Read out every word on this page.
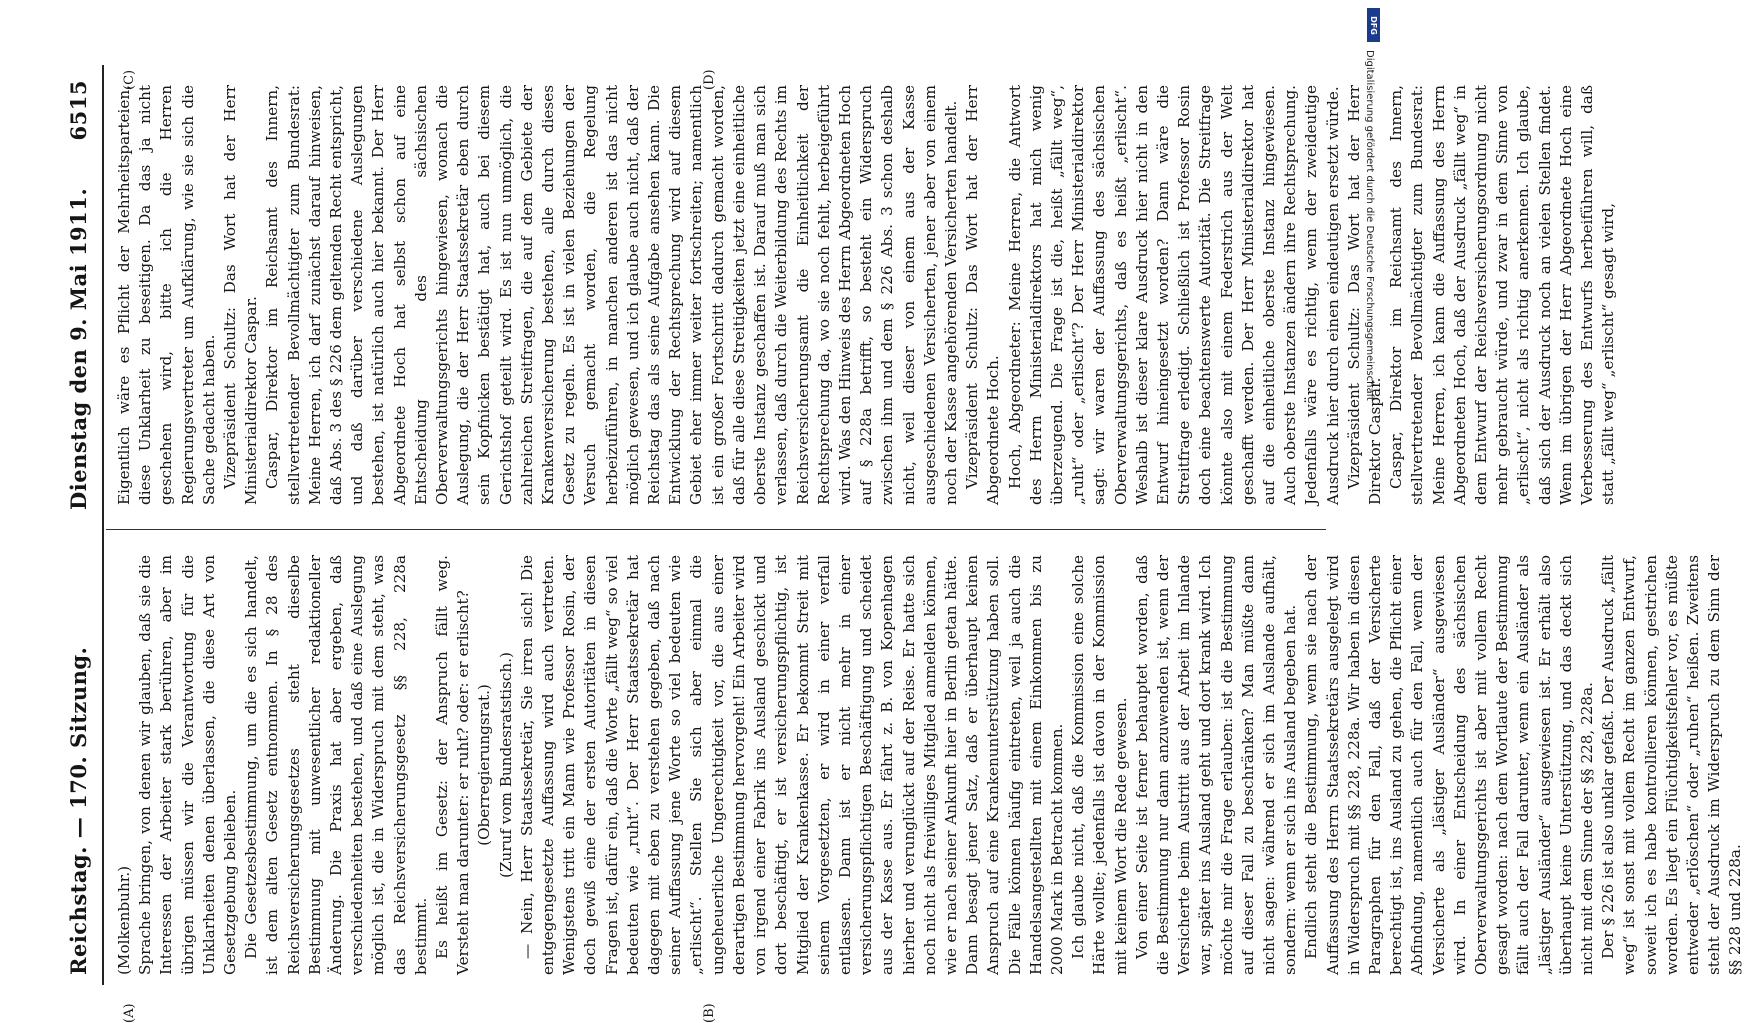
Reichstag. — 170. Sitzung.
Dienstag den 9. Mai 1911.
6515

(Molkenbuhr.) Sprache bringen, von denen wir glauben, daß sie die Interessen der Arbeiter stark berühren, aber im übrigen müssen wir die Verantwortung für die Unklarheiten denen überlassen, die diese Art von Gesetzgebung belieben. Die Gesetzesbestimmung, um die es sich handelt, ist dem alten Gesetz entnommen. In § 28 des Reichsversicherungsgesetzes steht dieselbe Bestimmung mit unwesentlicher redaktioneller Änderung. Die Praxis hat aber ergeben, daß verschiedenheiten bestehen, und daß eine Auslegung möglich ist, die in Widerspruch mit dem steht, was das Reichsversicherungsgesetz §§ 228, 228a bestimmt. Es heißt im Gesetz: der Anspruch fällt weg. Versteht man darunter: er ruht? oder: er erlischt? (Oberregierungsrat.) (Zuruf vom Bundesratstisch.) — Nein, Herr Staatssekretär, Sie irren sich! Die entgegengesetzte Auffassung wird auch vertreten. Wenigstens tritt ein Mann wie Professor Rosin, der doch gewiß eine der ersten Autoritäten in diesen Fragen ist, dafür ein, daß die Worte „fällt weg“ so viel bedeuten wie „ruht“. Der Herr Staatssekretär hat dagegen mit eben zu verstehen gegeben, daß nach seiner Auffassung jene Worte so viel bedeuten wie „erlischt“. Stellen Sie sich aber einmal die ungeheuerliche Ungerechtigkeit vor, die aus einer derartigen Bestimmung hervorgeht! Ein Arbeiter wird von irgend einer Fabrik ins Ausland geschickt und dort beschäftigt, er ist versicherungspflichtig, ist Mitglied der Krankenkasse. Er bekommt Streit mit seinem Vorgesetzten, er wird in einer verfall entlassen. Dann ist er nicht mehr in einer versicherungspflichtigen Beschäftigung und scheidet aus der Kasse aus. Er fährt z. B. von Kopenhagen hierher und verunglückt auf der Reise. Er hatte sich noch nicht als freiwilliges Mitglied anmelden können, wie er nach seiner Ankunft hier in Berlin getan hätte. Dann besagt jener Satz, daß er überhaupt keinen Anspruch auf eine Krankenunterstützung haben soll. Die Fälle können häufig eintreten, weil ja auch die Handelsangestellten mit einem Einkommen bis zu 2000 Mark in Betracht kommen. Ich glaube nicht, daß die Kommission eine solche Härte wollte; jedenfalls ist davon in der Kommission mit keinem Wort die Rede gewesen. Von einer Seite ist ferner behauptet worden, daß die Bestimmung nur dann anzuwenden ist, wenn der Versicherte beim Austritt aus der Arbeit im Inlande war, später ins Ausland geht und dort krank wird. Ich möchte mir die Frage erlauben: ist die Bestimmung auf dieser Fall zu beschränken? Man müßte dann nicht sagen: während er sich im Auslande aufhält, sondern: wenn er sich ins Ausland begeben hat. Endlich steht die Bestimmung, wenn sie nach der Auffassung des Herrn Staatssekretärs ausgelegt wird in Widerspruch mit §§ 228, 228a. Wir haben in diesen Paragraphen für den Fall, daß der Versicherte berechtigt ist, ins Ausland zu gehen, die Pflicht einer Abfindung, namentlich auch für den Fall, wenn der Versicherte als „lästiger Ausländer“ ausgewiesen wird. In einer Entscheidung des sächsischen Oberverwaltungsgerichts ist aber mit vollem Recht gesagt worden: nach dem Wortlaute der Bestimmung fällt auch der Fall darunter, wenn ein Ausländer als „lästiger Ausländer“ ausgewiesen ist. Er erhält also überhaupt keine Unterstützung, und das deckt sich nicht mit dem Sinne der §§ 228, 228a. Der § 226 ist also unklar gefaßt. Der Ausdruck „fällt weg“ ist sonst mit vollem Recht im ganzen Entwurf, soweit ich es habe kontrollieren können, gestrichen worden. Es liegt ein Flüchtigkeitsfehler vor, es müßte entweder „erlöschen“ oder „ruhen“ heißen. Zweitens steht der Ausdruck im Widerspruch zu dem Sinn der §§ 228 und 228a.

Eigentlich wäre es Pflicht der Mehrheitsparteien, diese Unklarheit zu beseitigen. Da das ja nicht geschehen wird, bitte ich die Herren Regierungsvertreter um Aufklärung, wie sie sich die Sache gedacht haben. Vizepräsident Schultz: Das Wort hat der Herr Ministerialdirektor Caspar. Caspar, Direktor im Reichsamt des Innern, stellvertretender Bevollmächtigter zum Bundesrat: Meine Herren, ich darf zunächst darauf hinweisen, daß Abs. 3 des § 226 dem geltenden Recht entspricht, und daß darüber verschiedene Auslegungen bestehen, ist natürlich auch hier bekannt. Der Herr Abgeordnete Hoch hat selbst schon auf eine Entscheidung des sächsischen Oberverwaltungsgerichts hingewiesen, wonach die Auslegung, die der Herr Staatssekretär eben durch sein Kopfnicken bestätigt hat, auch bei diesem Gerichtshof geteilt wird. Es ist nun unmöglich, die zahlreichen Streitfragen, die auf dem Gebiete der Krankenversicherung bestehen, alle durch dieses Gesetz zu regeln. Es ist in vielen Beziehungen der Versuch gemacht worden, die Regelung herbeizuführen, in manchen anderen ist das nicht möglich gewesen, und ich glaube auch nicht, daß der Reichstag das als seine Aufgabe ansehen kann. Die Entwicklung der Rechtsprechung wird auf diesem Gebiet eher immer weiter fortschreiten; namentlich ist ein großer Fortschritt dadurch gemacht worden, daß für alle diese Streitigkeiten jetzt eine einheitliche oberste Instanz geschaffen ist. Darauf muß man sich verlassen, daß durch die Weiterbildung des Rechts im Reichsversicherungsamt die Einheitlichkeit der Rechtsprechung da, wo sie noch fehlt, herbeigeführt wird. Was den Hinweis des Herrn Abgeordneten Hoch auf § 228a betrifft, so besteht ein Widerspruch zwischen ihm und dem § 226 Abs. 3 schon deshalb nicht, weil dieser von einem aus der Kasse ausgeschiedenen Versicherten, jener aber von einem noch der Kasse angehörenden Versicherten handelt. Vizepräsident Schultz: Das Wort hat der Herr Abgeordnete Hoch. Hoch, Abgeordneter: Meine Herren, die Antwort des Herrn Ministerialdirektors hat mich wenig überzeugend. Die Frage ist die, heißt „fällt weg“, „ruht“ oder „erlischt“? Der Herr Ministerialdirektor sagt: wir waren der Auffassung des sächsischen Oberverwaltungsgerichts, daß es heißt „erlischt“. Weshalb ist dieser klare Ausdruck hier nicht in den Entwurf hineingesetzt worden? Dann wäre die Streitfrage erledigt. Schließlich ist Professor Rosin doch eine beachtenswerte Autorität. Die Streitfrage könnte also mit einem Federstrich aus der Welt geschafft werden. Der Herr Ministerialdirektor hat auf die einheitliche oberste Instanz hingewiesen. Auch oberste Instanzen ändern ihre Rechtsprechung. Jedenfalls wäre es richtig, wenn der zweideutige Ausdruck hier durch einen eindeutigen ersetzt würde. Vizepräsident Schultz: Das Wort hat der Herr Direktor Caspar. Caspar, Direktor im Reichsamt des Innern, stellvertretender Bevollmächtigter zum Bundesrat: Meine Herren, ich kann die Auffassung des Herrn Abgeordneten Hoch, daß der Ausdruck „fällt weg“ in dem Entwurf der Reichsversicherungsordnung nicht mehr gebraucht würde, und zwar in dem Sinne von „erlischt“, nicht als richtig anerkennen. Ich glaube, daß sich der Ausdruck noch an vielen Stellen findet. Wenn im übrigen der Herr Abgeordnete Hoch eine Verbesserung des Entwurfs herbeiführen will, daß statt „fällt weg“ „erlischt“ gesagt wird,

(A)	(B)
(C)	(D)
DFG
Digitalisierung gefördert durch die Deutsche Forschungsgemeinschaft
